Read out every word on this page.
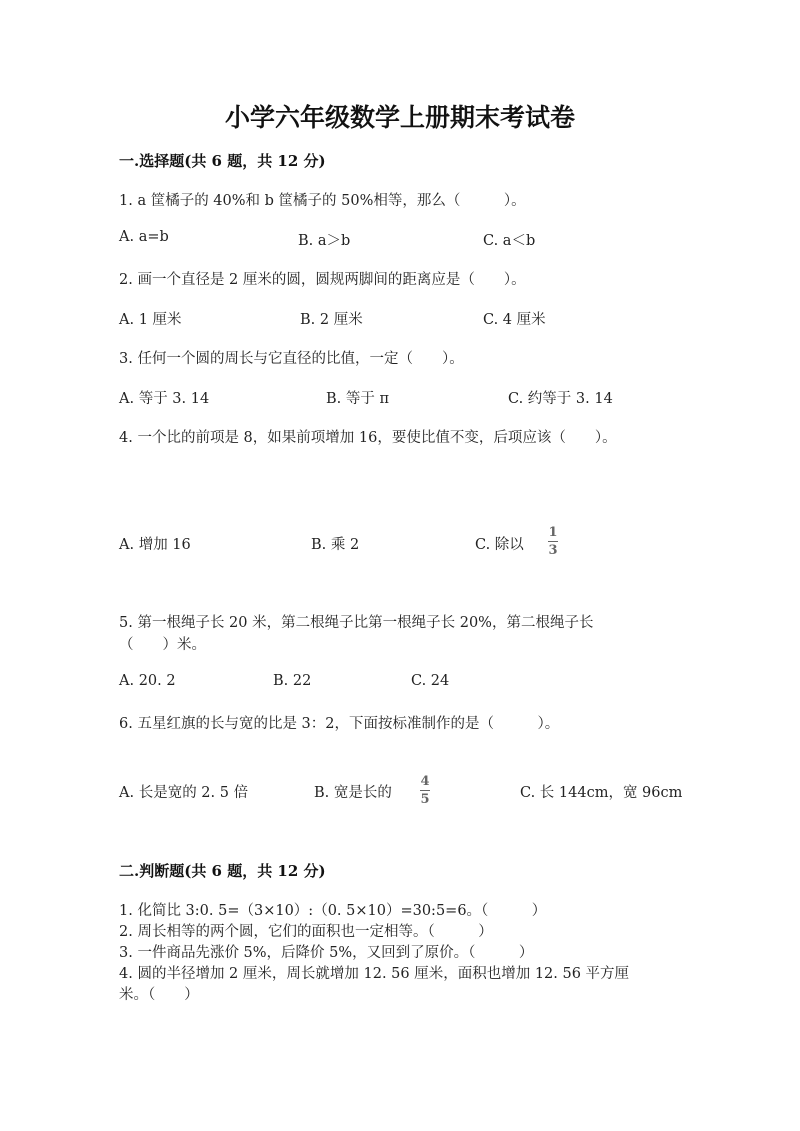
小学六年级数学上册期末考试卷
一.选择题(共 6 题，共 12 分)
1. a 筐橘子的 40%和 b 筐橘子的 50%相等，那么（　　　）。
A. a=b	B. a＞b	C. a＜b
2. 画一个直径是 2 厘米的圆，圆规两脚间的距离应是（　　）。
A. 1 厘米	B. 2 厘米	C. 4 厘米
3. 任何一个圆的周长与它直径的比值，一定（　　）。
A. 等于 3. 14	B. 等于 π	C. 约等于 3. 14
4. 一个比的前项是 8，如果前项增加 16，要使比值不变，后项应该（　　）。
A. 增加 16	B. 乘 2	C. 除以
1
3
5. 第一根绳子长 20 米，第二根绳子比第一根绳子长 20%，第二根绳子长
（　　）米。
A. 20. 2	B. 22	C. 24
6. 五星红旗的长与宽的比是 3：2，下面按标准制作的是（　　　）。
A. 长是宽的 2. 5 倍	B. 宽是长的
4
5	C. 长 144cm，宽 96cm
二.判断题(共 6 题，共 12 分)
1. 化简比 3:0. 5=（3×10）:（0. 5×10）=30:5=6。（　　　）
2. 周长相等的两个圆，它们的面积也一定相等。（　　　）
3. 一件商品先涨价 5%，后降价 5%，又回到了原价。（　　　）
4. 圆的半径增加 2 厘米，周长就增加 12. 56 厘米，面积也增加 12. 56 平方厘
米。（　　）
